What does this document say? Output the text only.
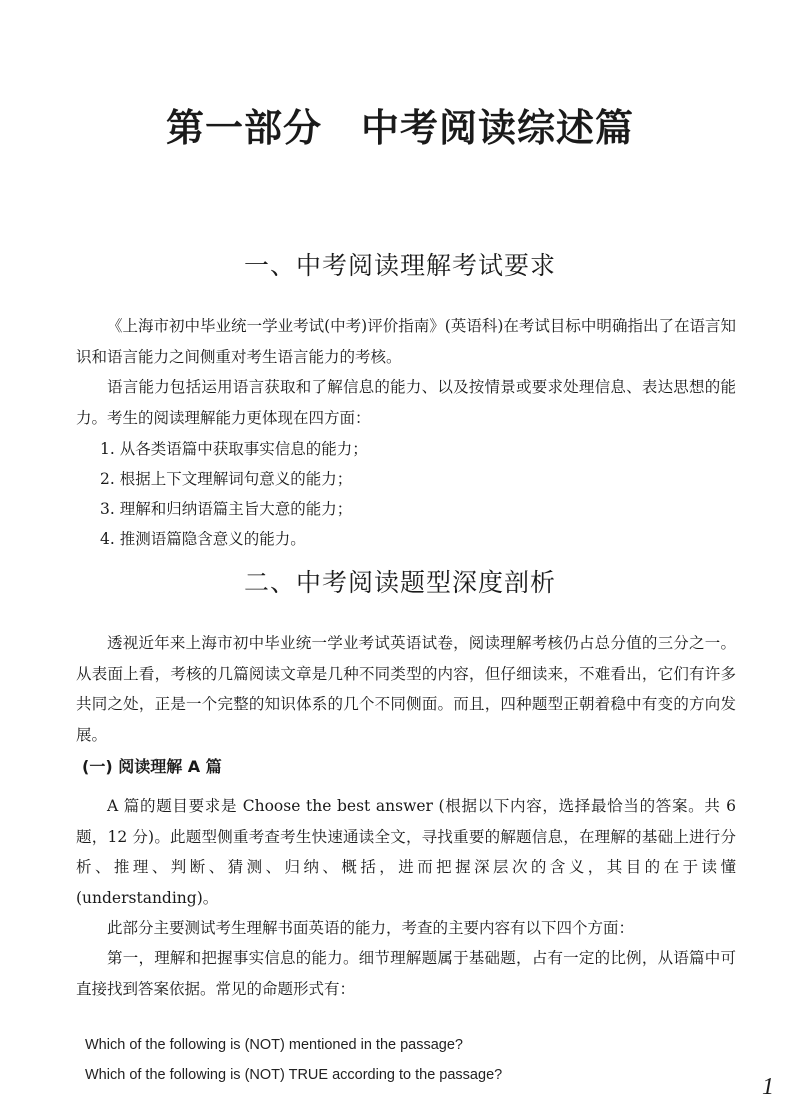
第一部分　中考阅读综述篇
一、中考阅读理解考试要求

《上海市初中毕业统一学业考试(中考)评价指南》(英语科)在考试目标中明确指出了在语言知识和语言能力之间侧重对考生语言能力的考核。

语言能力包括运用语言获取和了解信息的能力、以及按情景或要求处理信息、表达思想的能力。考生的阅读理解能力更体现在四方面：

1. 从各类语篇中获取事实信息的能力；
2. 根据上下文理解词句意义的能力；
3. 理解和归纳语篇主旨大意的能力；
4. 推测语篇隐含意义的能力。
二、中考阅读题型深度剖析

透视近年来上海市初中毕业统一学业考试英语试卷，阅读理解考核仍占总分值的三分之一。从表面上看，考核的几篇阅读文章是几种不同类型的内容，但仔细读来，不难看出，它们有许多共同之处，正是一个完整的知识体系的几个不同侧面。而且，四种题型正朝着稳中有变的方向发展。

(一) 阅读理解 A 篇

A 篇的题目要求是 Choose the best answer (根据以下内容，选择最恰当的答案。共 6 题，12 分)。此题型侧重考查考生快速通读全文，寻找重要的解题信息，在理解的基础上进行分析、推理、判断、猜测、归纳、概括，进而把握深层次的含义，其目的在于读懂 (understanding)。

此部分主要测试考生理解书面英语的能力，考查的主要内容有以下四个方面：

第一，理解和把握事实信息的能力。细节理解题属于基础题，占有一定的比例，从语篇中可直接找到答案依据。常见的命题形式有：

Which of the following is (NOT) mentioned in the passage?
Which of the following is (NOT) TRUE according to the passage?	1
